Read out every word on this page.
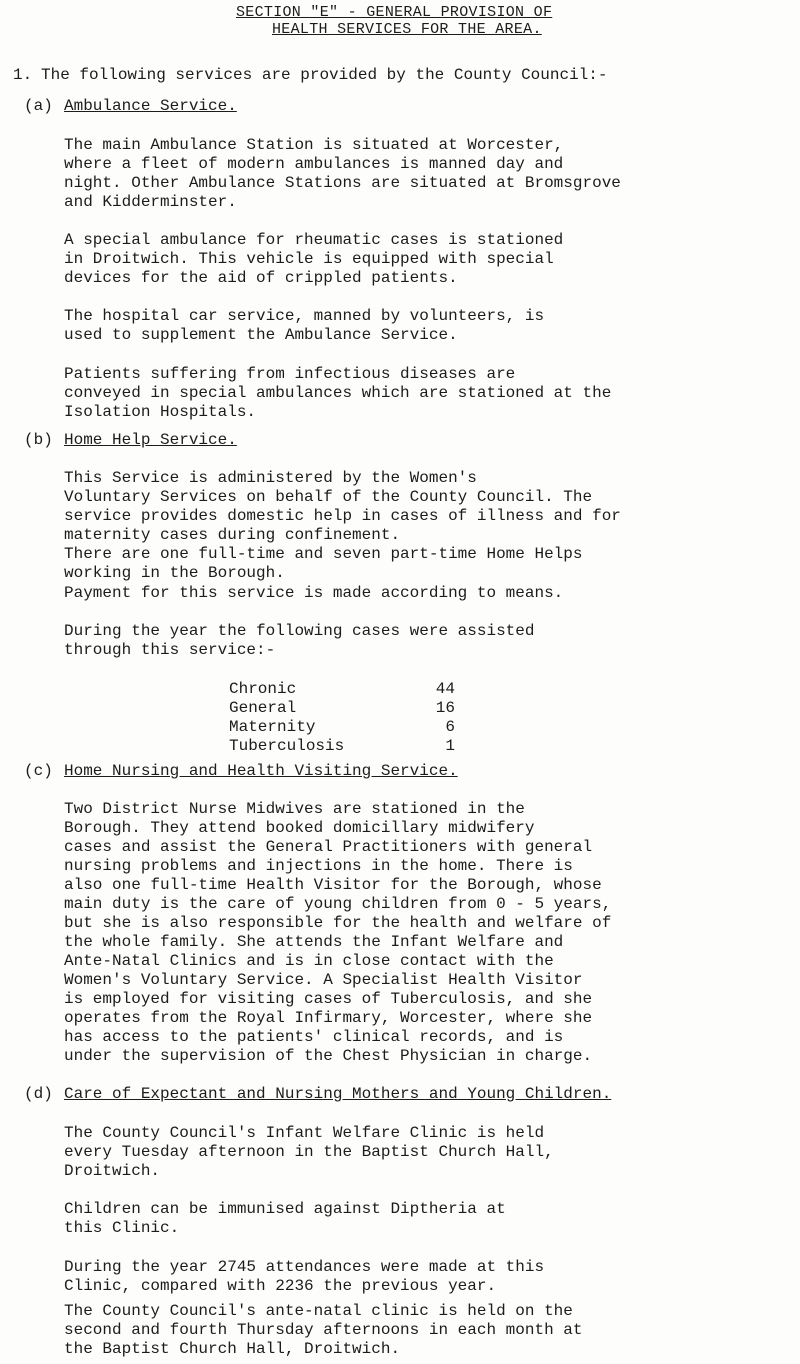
SECTION "E" - GENERAL PROVISION OF
HEALTH SERVICES FOR THE AREA.
1. The following services are provided by the County Council:-
(a) Ambulance Service.
The main Ambulance Station is situated at Worcester,
where a fleet of modern ambulances is manned day and
night. Other Ambulance Stations are situated at Bromsgrove
and Kidderminster.
A special ambulance for rheumatic cases is stationed
in Droitwich. This vehicle is equipped with special
devices for the aid of crippled patients.
The hospital car service, manned by volunteers, is
used to supplement the Ambulance Service.
Patients suffering from infectious diseases are
conveyed in special ambulances which are stationed at the
Isolation Hospitals.
(b) Home Help Service.
This Service is administered by the Women's
Voluntary Services on behalf of the County Council. The
service provides domestic help in cases of illness and for
maternity cases during confinement.
There are one full-time and seven part-time Home Helps
working in the Borough.
Payment for this service is made according to means.
During the year the following cases were assisted
through this service:-
Chronic	44
General	16
Maternity	6
Tuberculosis	1
(c) Home Nursing and Health Visiting Service.
Two District Nurse Midwives are stationed in the
Borough. They attend booked domicillary midwifery
cases and assist the General Practitioners with general
nursing problems and injections in the home. There is
also one full-time Health Visitor for the Borough, whose
main duty is the care of young children from 0 - 5 years,
but she is also responsible for the health and welfare of
the whole family. She attends the Infant Welfare and
Ante-Natal Clinics and is in close contact with the
Women's Voluntary Service. A Specialist Health Visitor
is employed for visiting cases of Tuberculosis, and she
operates from the Royal Infirmary, Worcester, where she
has access to the patients' clinical records, and is
under the supervision of the Chest Physician in charge.
(d) Care of Expectant and Nursing Mothers and Young Children.
The County Council's Infant Welfare Clinic is held
every Tuesday afternoon in the Baptist Church Hall,
Droitwich.
Children can be immunised against Diptheria at
this Clinic.
During the year 2745 attendances were made at this
Clinic, compared with 2236 the previous year.
The County Council's ante-natal clinic is held on the
second and fourth Thursday afternoons in each month at
the Baptist Church Hall, Droitwich.
